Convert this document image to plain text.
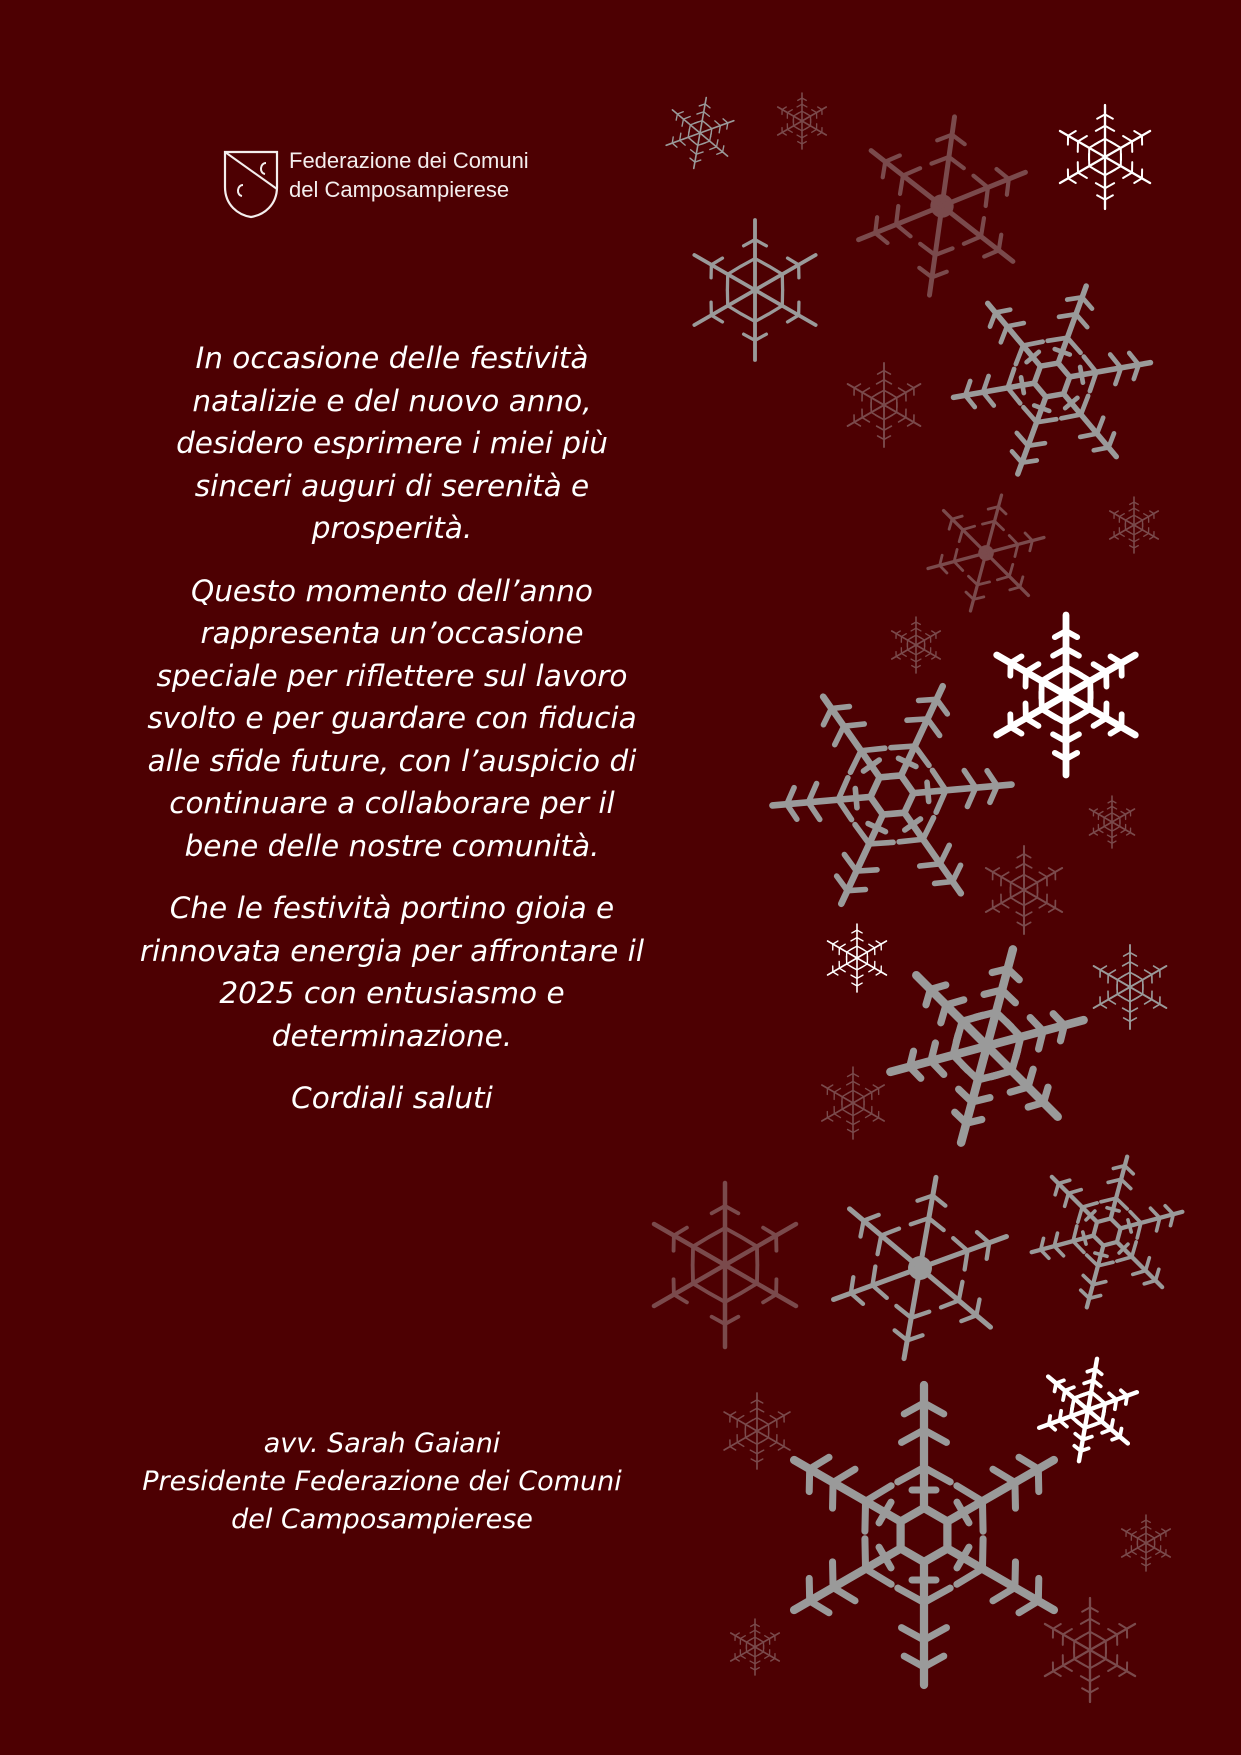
Federazione dei Comuni
del Camposampierese

In occasione delle festività
natalizie e del nuovo anno,
desidero esprimere i miei più
sinceri auguri di serenità e
prosperità.

Questo momento dell’anno
rappresenta un’occasione
speciale per riflettere sul lavoro
svolto e per guardare con fiducia
alle sfide future, con l’auspicio di
continuare a collaborare per il
bene delle nostre comunità.

Che le festività portino gioia e
rinnovata energia per affrontare il
2025 con entusiasmo e
determinazione.

Cordiali saluti

avv. Sarah Gaiani
Presidente Federazione dei Comuni
del Camposampierese
